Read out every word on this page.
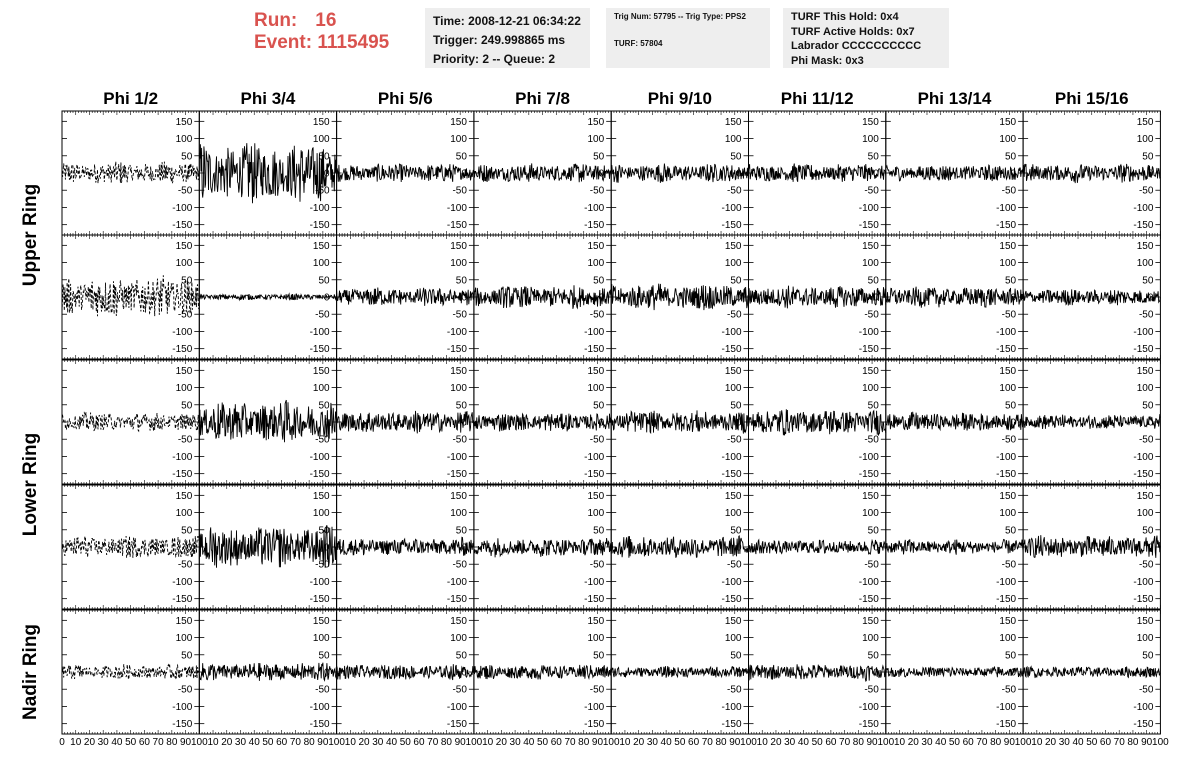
Run: 16
Event: 1115495
Time: 2008-12-21 06:34:22
Trigger: 249.998865 ms
Priority: 2 -- Queue: 2
Trig Num: 57795 -- Trig Type: PPS2
TURF: 57804
TURF This Hold: 0x4
TURF Active Holds: 0x7
Labrador CCCCCCCCCC
Phi Mask: 0x3
Phi 1/2	Phi 3/4	Phi 5/6	Phi 7/8	Phi 9/10	Phi 11/12	Phi 13/14	Phi 15/16
Upper Ring
Lower Ring
Nadir Ring
-150
-100
-50
0
50
100
150
-150
-100
-50
0
50
100
150
-150
-100
-50
0
50
100
150
-150
-100
-50
0
50
100
150
-150
-100
-50
0
50
100
150
-150
-100
-50
0
50
100
150
-150
-100
-50
0
50
100
150
-150
-100
-50
0
50
100
150
-150
-100
-50
0
50
100
150
-150
-100
-50
0
50
100
150
-150
-100
-50
0
50
100
150
-150
-100
-50
0
50
100
150
-150
-100
-50
0
50
100
150
-150
-100
-50
0
50
100
150
-150
-100
-50
0
50
100
150
-150
-100
-50
0
50
100
150
-150
-100
-50
0
50
100
150
-150
-100
-50
0
50
100
150
-150
-100
-50
0
50
100
150
-150
-100
-50
0
50
100
150
-150
-100
-50
0
50
100
150
-150
-100
-50
0
50
100
150
-150
-100
-50
0
50
100
150
-150
-100
-50
0
50
100
150
-150
-100
-50
0
50
100
150
-150
-100
-50
0
50
100
150
-150
-100
-50
0
50
100
150
-150
-100
-50
0
50
100
150
-150
-100
-50
0
50
100
150
-150
-100
-50
0
50
100
150
-150
-100
-50
0
50
100
150
-150
-100
-50
0
50
100
150
-150
-100
-50
0
50
100
150
-150
-100
-50
0
50
100
150
-150
-100
-50
0
50
100
150
-150
-100
-50
0
50
100
150
-150
-100
-50
0
50
100
150
-150
-100
-50
0
50
100
150
-150
-100
-50
0
50
100
150
-150
-100
-50
0
50
100
150
0 10 20 30 40 50 60 70 80 90 100 10 20 30 40 50 60 70 80 90 100 10 20 30 40 50 60 70 80 90 100 10 20 30 40 50 60 70 80 90 100 10 20 30 40 50 60 70 80 90 100 10 20 30 40 50 60 70 80 90 100 10 20 30 40 50 60 70 80 90 100 10 20 30 40 50 60 70 80 90 100
